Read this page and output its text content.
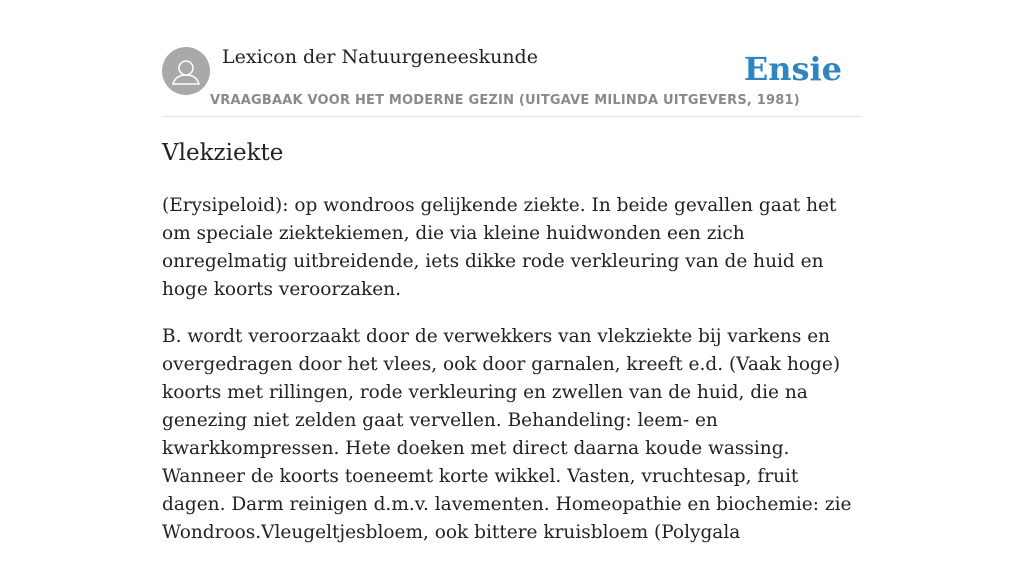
Lexicon der Natuurgeneeskunde
VRAAGBAAK VOOR HET MODERNE GEZIN (UITGAVE MILINDA UITGEVERS, 1981)
Ensie
Vlekziekte

(Erysipeloid): op wondroos gelijkende ziekte. In beide gevallen gaat het om speciale ziektekiemen, die via kleine huidwonden een zich onregelmatig uitbreidende, iets dikke rode verkleuring van de huid en hoge koorts veroorzaken.

B. wordt veroorzaakt door de verwekkers van vlekziekte bij varkens en overgedragen door het vlees, ook door garnalen, kreeft e.d. (Vaak hoge) koorts met rillingen, rode verkleuring en zwellen van de huid, die na genezing niet zelden gaat vervellen. Behandeling: leem- en kwarkkompressen. Hete doeken met direct daarna koude wassing. Wanneer de koorts toeneemt korte wikkel. Vasten, vruchtesap, fruit dagen. Darm reinigen d.m.v. lavementen. Homeopathie en biochemie: zie Wondroos.Vleugeltjesbloem, ook bittere kruisbloem (Polygala
